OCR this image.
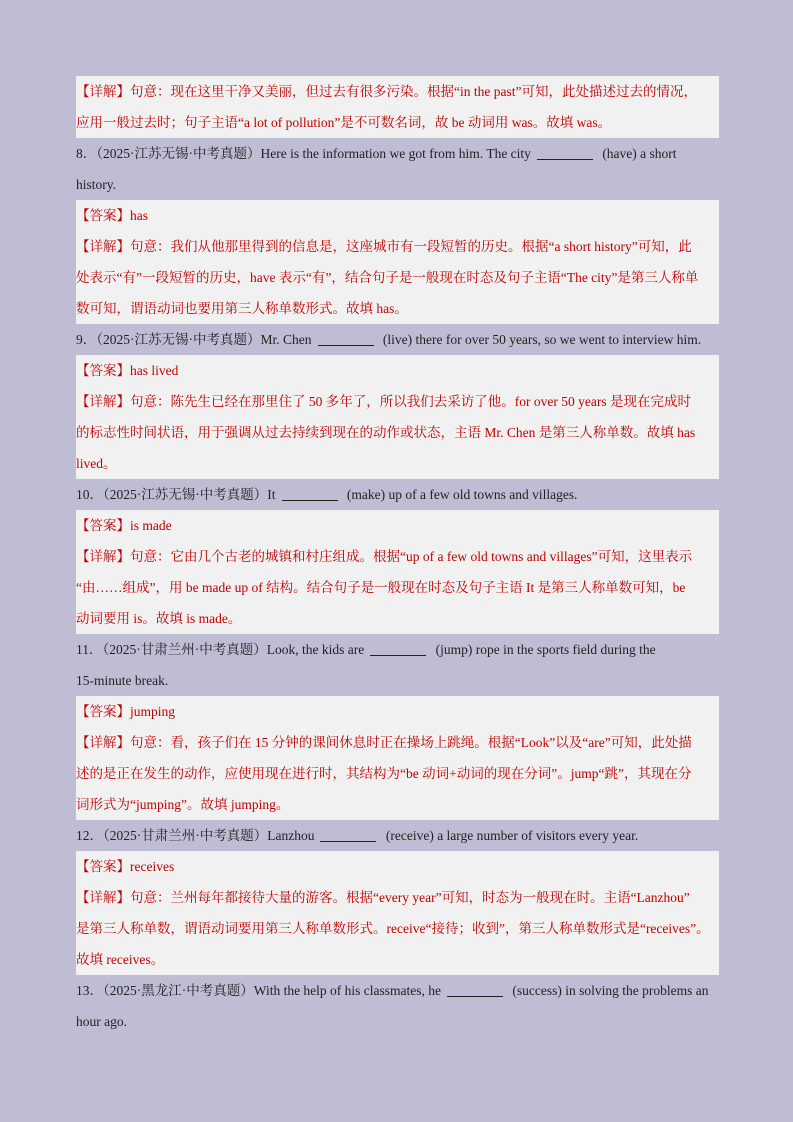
【详解】句意：现在这里干净又美丽，但过去有很多污染。根据“in the past”可知，此处描述过去的情况，
应用一般过去时；句子主语“a lot of pollution”是不可数名词，故 be 动词用 was。故填 was。
8．（2025·江苏无锡·中考真题）Here is the information we got from him. The city	(have) a short
history.
【答案】has
【详解】句意：我们从他那里得到的信息是，这座城市有一段短暂的历史。根据“a short history”可知，此
处表示“有”一段短暂的历史，have 表示“有”，结合句子是一般现在时态及句子主语“The city”是第三人称单
数可知，谓语动词也要用第三人称单数形式。故填 has。
9．（2025·江苏无锡·中考真题）Mr. Chen	(live) there for over 50 years, so we went to interview him.
【答案】has lived
【详解】句意：陈先生已经在那里住了 50 多年了，所以我们去采访了他。for over 50 years 是现在完成时
的标志性时间状语，用于强调从过去持续到现在的动作或状态，主语 Mr. Chen 是第三人称单数。故填 has
lived。
10．（2025·江苏无锡·中考真题）It	(make) up of a few old towns and villages.
【答案】is made
【详解】句意：它由几个古老的城镇和村庄组成。根据“up of a few old towns and villages”可知，这里表示
“由……组成”，用 be made up of 结构。结合句子是一般现在时态及句子主语 It 是第三人称单数可知，be
动词要用 is。故填 is made。
11．（2025·甘肃兰州·中考真题）Look, the kids are	(jump) rope in the sports field during the
15-minute break.
【答案】jumping
【详解】句意：看，孩子们在 15 分钟的课间休息时正在操场上跳绳。根据“Look”以及“are”可知，此处描
述的是正在发生的动作，应使用现在进行时，其结构为“be 动词+动词的现在分词”。jump“跳”，其现在分
词形式为“jumping”。故填 jumping。
12．（2025·甘肃兰州·中考真题）Lanzhou	(receive) a large number of visitors every year.
【答案】receives
【详解】句意：兰州每年都接待大量的游客。根据“every year”可知，时态为一般现在时。主语“Lanzhou”
是第三人称单数，谓语动词要用第三人称单数形式。receive“接待；收到”，第三人称单数形式是“receives”。
故填 receives。
13．（2025·黑龙江·中考真题）With the help of his classmates, he	(success) in solving the problems an
hour ago.
